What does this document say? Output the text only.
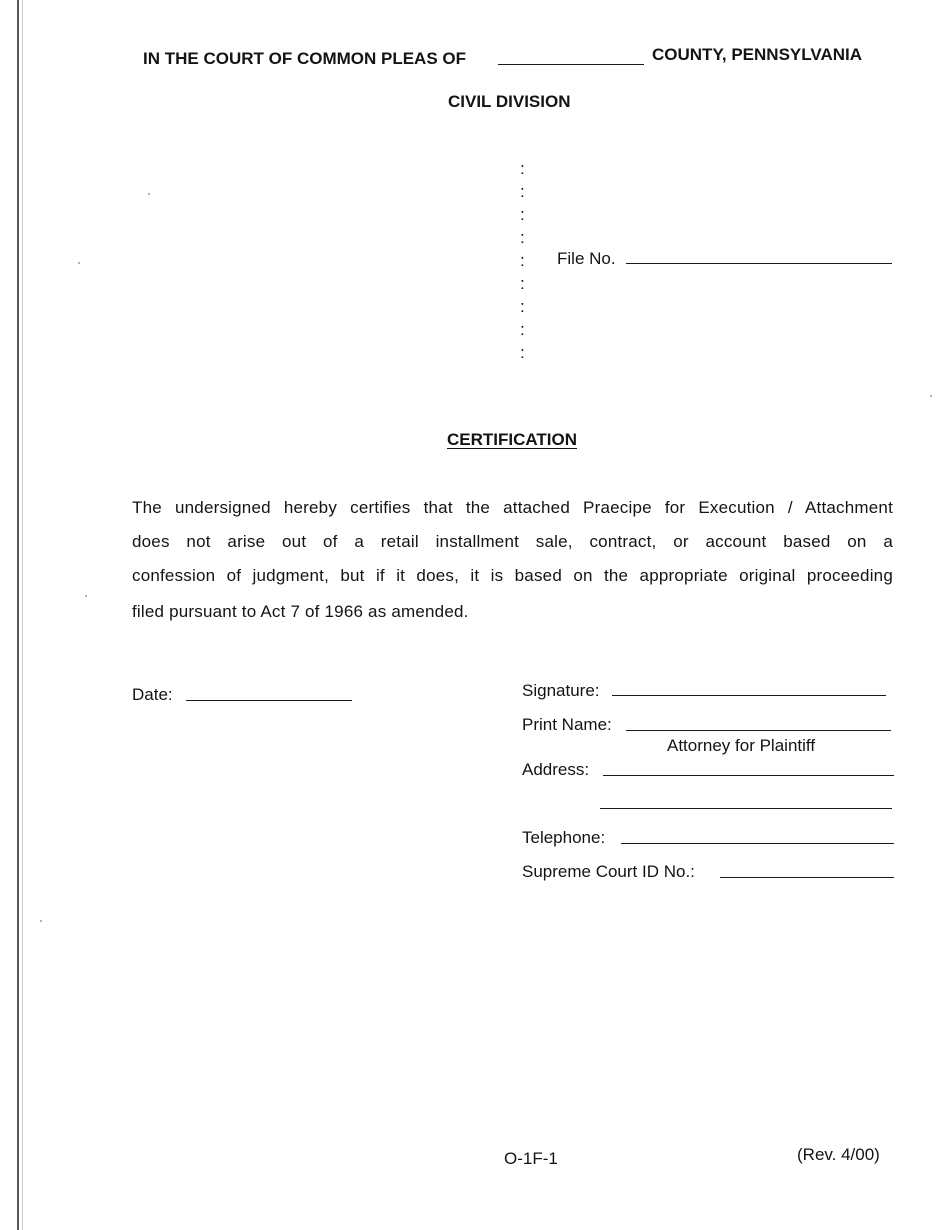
IN THE COURT OF COMMON PLEAS OF	COUNTY, PENNSYLVANIA
CIVIL DIVISION
:
:
:
:
:
:
:
:
:
File No.
CERTIFICATION
The undersigned hereby certifies that the attached Praecipe for Execution / Attachment
does not arise out of a retail installment sale, contract, or account based on a
confession of judgment, but if it does, it is based on the appropriate original proceeding
filed pursuant to Act 7 of 1966 as amended.
Date:	Signature:
Print Name:
Attorney for Plaintiff
Address:
Telephone:
Supreme Court ID No.:
O-1F-1	(Rev. 4/00)
